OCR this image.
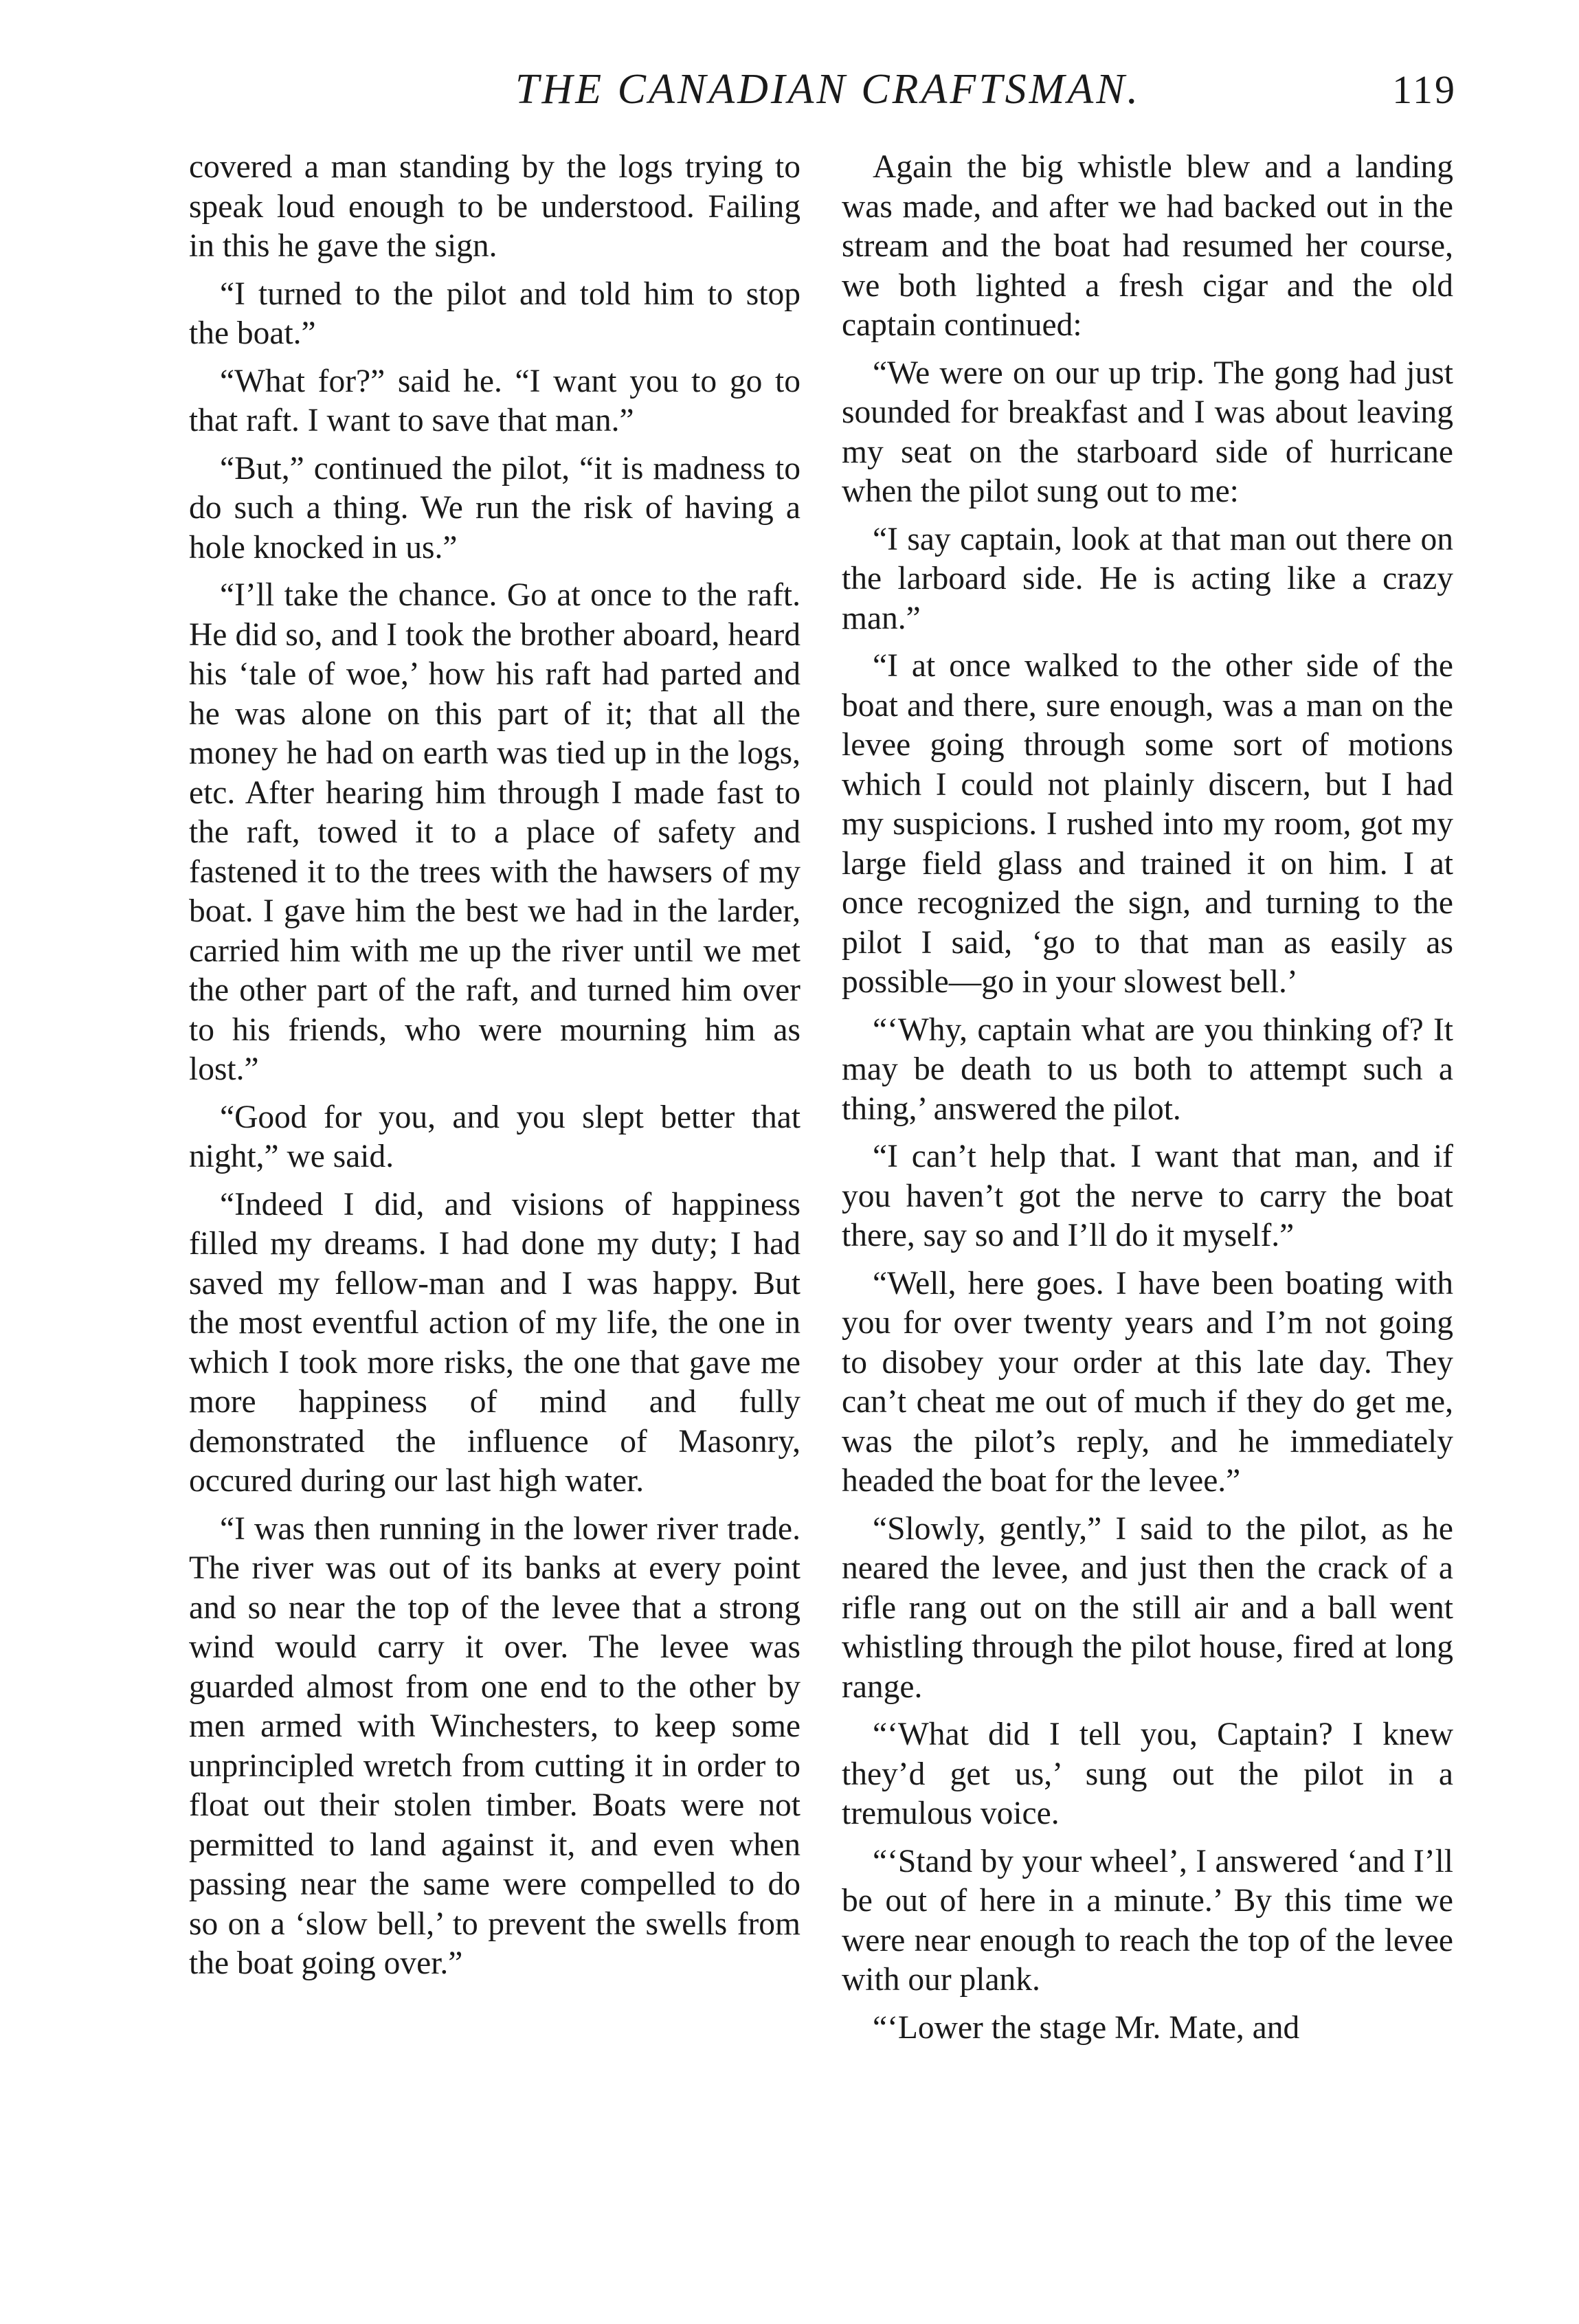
THE CANADIAN CRAFTSMAN.	119

covered a man standing by the logs trying to speak loud enough to be understood. Failing in this he gave the sign.

“I turned to the pilot and told him to stop the boat.”

“What for?” said he. “I want you to go to that raft. I want to save that man.”

“But,” continued the pilot, “it is madness to do such a thing. We run the risk of having a hole knocked in us.”

“I’ll take the chance. Go at once to the raft. He did so, and I took the brother aboard, heard his ‘tale of woe,’ how his raft had parted and he was alone on this part of it; that all the money he had on earth was tied up in the logs, etc. After hearing him through I made fast to the raft, towed it to a place of safety and fastened it to the trees with the hawsers of my boat. I gave him the best we had in the larder, carried him with me up the river until we met the other part of the raft, and turned him over to his friends, who were mourning him as lost.”

“Good for you, and you slept better that night,” we said.

“Indeed I did, and visions of happiness filled my dreams. I had done my duty; I had saved my fellow-man and I was happy. But the most eventful action of my life, the one in which I took more risks, the one that gave me more happiness of mind and fully demonstrated the influence of Masonry, occured during our last high water.

“I was then running in the lower river trade. The river was out of its banks at every point and so near the top of the levee that a strong wind would carry it over. The levee was guarded almost from one end to the other by men armed with Winchesters, to keep some unprincipled wretch from cutting it in order to float out their stolen timber. Boats were not permitted to land against it, and even when passing near the same were compelled to do so on a ‘slow bell,’ to prevent the swells from the boat going over.”

Again the big whistle blew and a landing was made, and after we had backed out in the stream and the boat had resumed her course, we both lighted a fresh cigar and the old captain continued:

“We were on our up trip. The gong had just sounded for breakfast and I was about leaving my seat on the starboard side of hurricane when the pilot sung out to me:

“I say captain, look at that man out there on the larboard side. He is acting like a crazy man.”

“I at once walked to the other side of the boat and there, sure enough, was a man on the levee going through some sort of motions which I could not plainly discern, but I had my suspicions. I rushed into my room, got my large field glass and trained it on him. I at once recognized the sign, and turning to the pilot I said, ‘go to that man as easily as possible—go in your slowest bell.’

“‘Why, captain what are you thinking of? It may be death to us both to attempt such a thing,’ answered the pilot.

“I can’t help that. I want that man, and if you haven’t got the nerve to carry the boat there, say so and I’ll do it myself.”

“Well, here goes. I have been boating with you for over twenty years and I’m not going to disobey your order at this late day. They can’t cheat me out of much if they do get me, was the pilot’s reply, and he immediately headed the boat for the levee.”

“Slowly, gently,” I said to the pilot, as he neared the levee, and just then the crack of a rifle rang out on the still air and a ball went whistling through the pilot house, fired at long range.

“‘What did I tell you, Captain? I knew they’d get us,’ sung out the pilot in a tremulous voice.

“‘Stand by your wheel’, I answered ‘and I’ll be out of here in a minute.’ By this time we were near enough to reach the top of the levee with our plank.

“‘Lower the stage Mr. Mate, and
